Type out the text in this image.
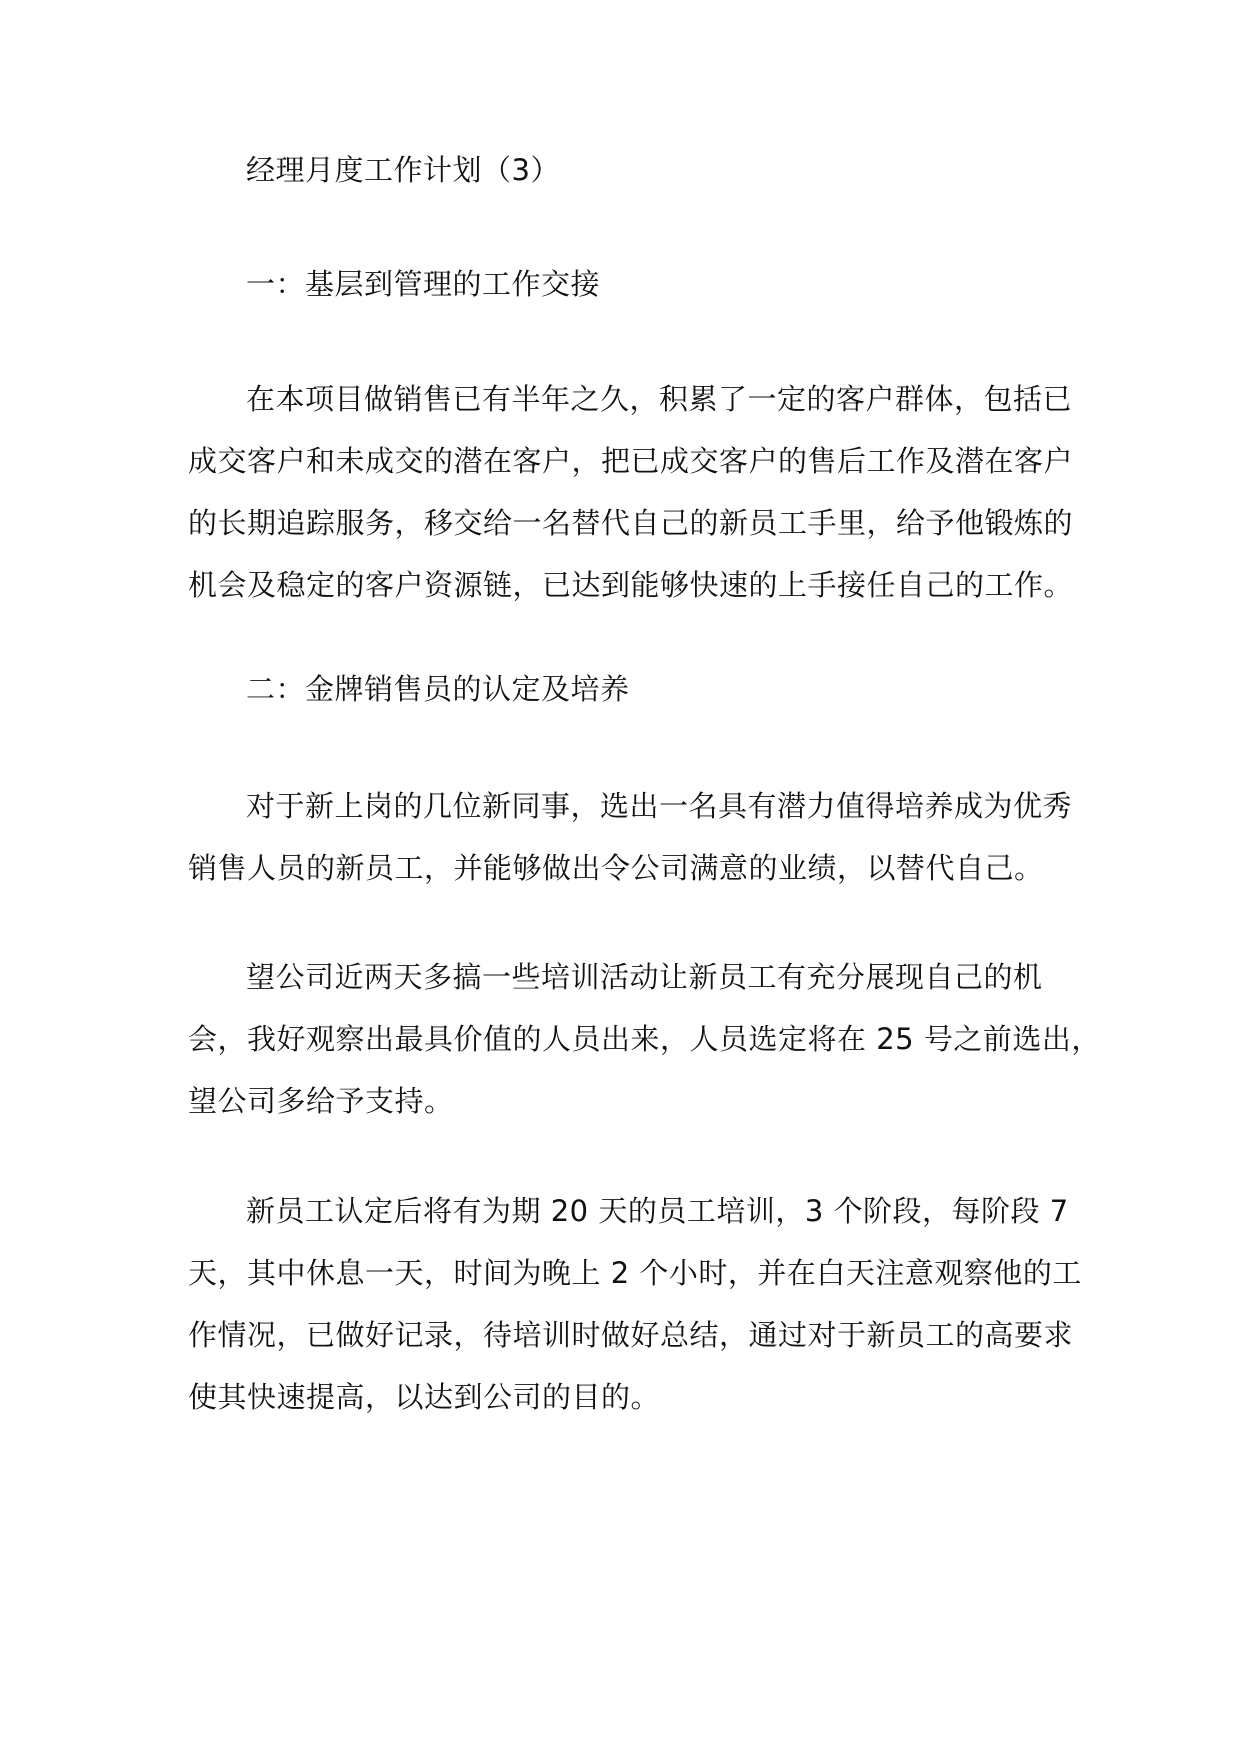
经理月度工作计划（3）
一：基层到管理的工作交接
在本项目做销售已有半年之久，积累了一定的客户群体，包括已
成交客户和未成交的潜在客户，把已成交客户的售后工作及潜在客户
的长期追踪服务，移交给一名替代自己的新员工手里，给予他锻炼的
机会及稳定的客户资源链，已达到能够快速的上手接任自己的工作。
二：金牌销售员的认定及培养
对于新上岗的几位新同事，选出一名具有潜力值得培养成为优秀
销售人员的新员工，并能够做出令公司满意的业绩，以替代自己。
望公司近两天多搞一些培训活动让新员工有充分展现自己的机
会，我好观察出最具价值的人员出来，人员选定将在 25 号之前选出，
望公司多给予支持。
新员工认定后将有为期 20 天的员工培训，3 个阶段，每阶段 7
天，其中休息一天，时间为晚上 2 个小时，并在白天注意观察他的工
作情况，已做好记录，待培训时做好总结，通过对于新员工的高要求
使其快速提高，以达到公司的目的。
